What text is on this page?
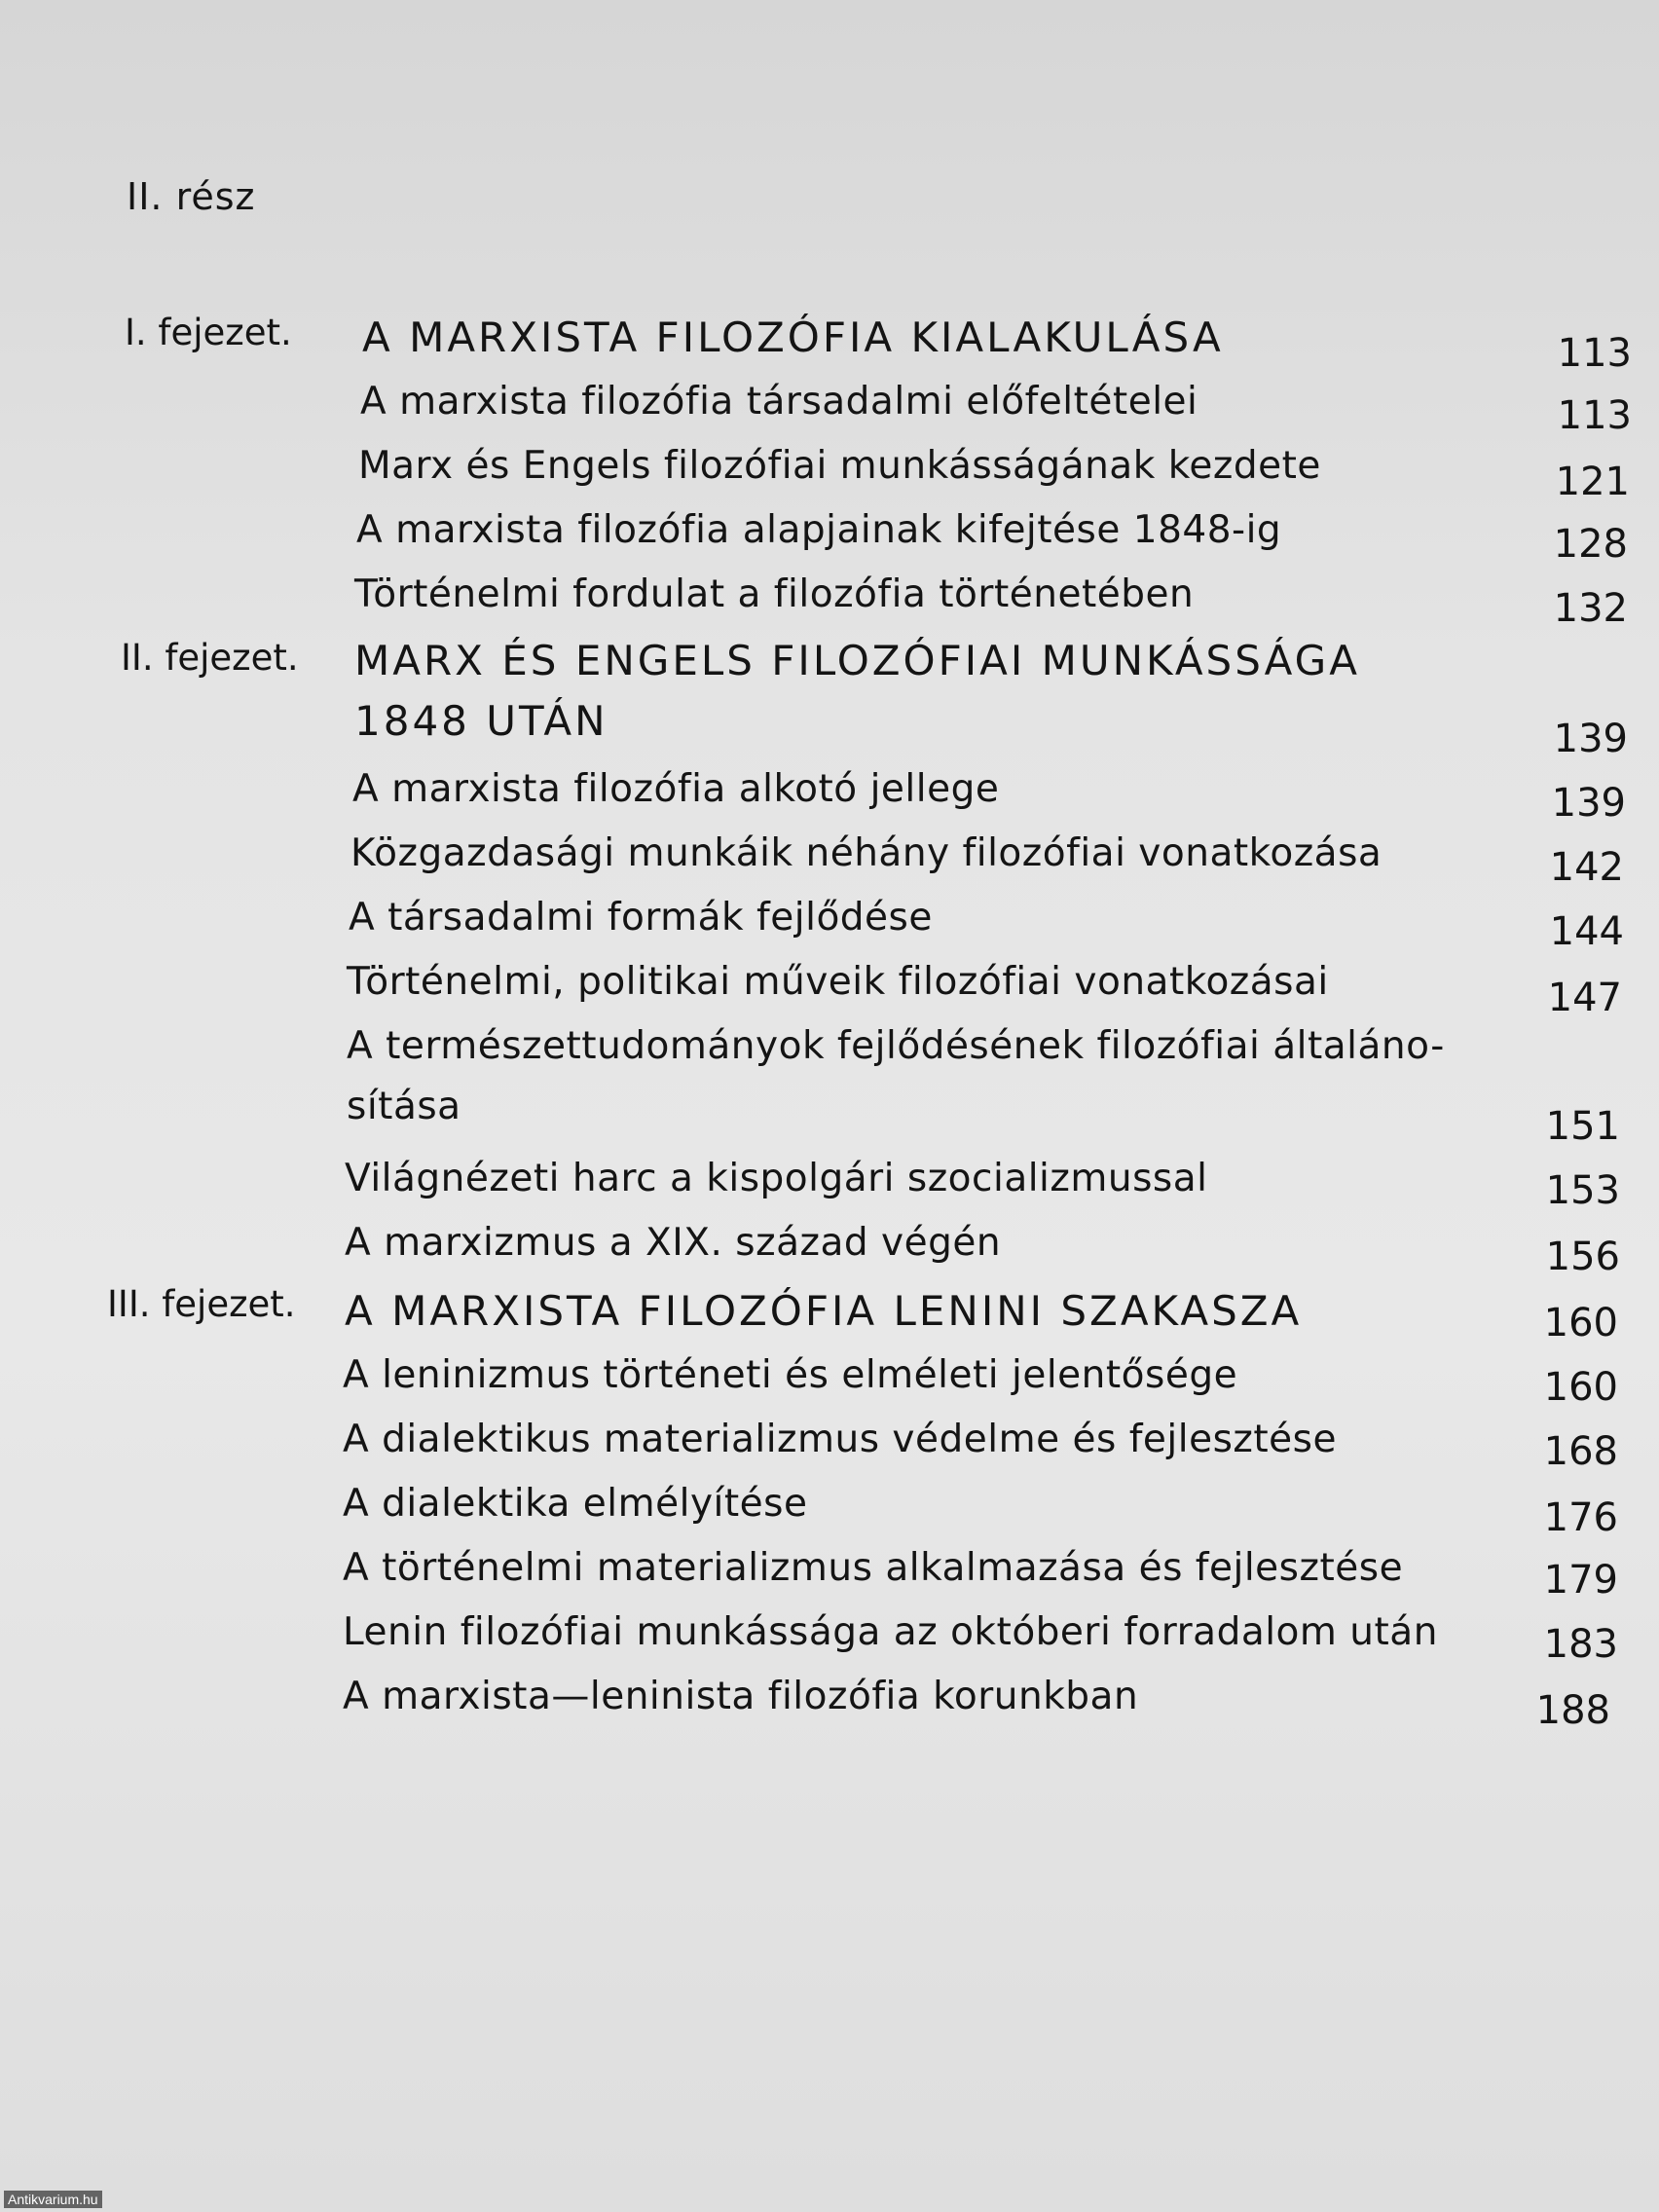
II. rész
I. fejezet. A MARXISTA FILOZÓFIA KIALAKULÁSA	113
A marxista filozófia társadalmi előfeltételei	113
Marx és Engels filozófiai munkásságának kezdete	121
A marxista filozófia alapjainak kifejtése 1848-ig	128
Történelmi fordulat a filozófia történetében	132
II. fejezet. MARX ÉS ENGELS FILOZÓFIAI MUNKÁSSÁGA
1848 UTÁN	139
A marxista filozófia alkotó jellege	139
Közgazdasági munkáik néhány filozófiai vonatkozása	142
A társadalmi formák fejlődése	144
Történelmi, politikai műveik filozófiai vonatkozásai	147
A természettudományok fejlődésének filozófiai általáno-
sítása	151
Világnézeti harc a kispolgári szocializmussal	153
A marxizmus a XIX. század végén	156
III. fejezet. A MARXISTA FILOZÓFIA LENINI SZAKASZA	160
A leninizmus történeti és elméleti jelentősége	160
A dialektikus materializmus védelme és fejlesztése	168
A dialektika elmélyítése	176
A történelmi materializmus alkalmazása és fejlesztése	179
Lenin filozófiai munkássága az októberi forradalom után	183
A marxista—leninista filozófia korunkban	188
Antikvarium.hu
